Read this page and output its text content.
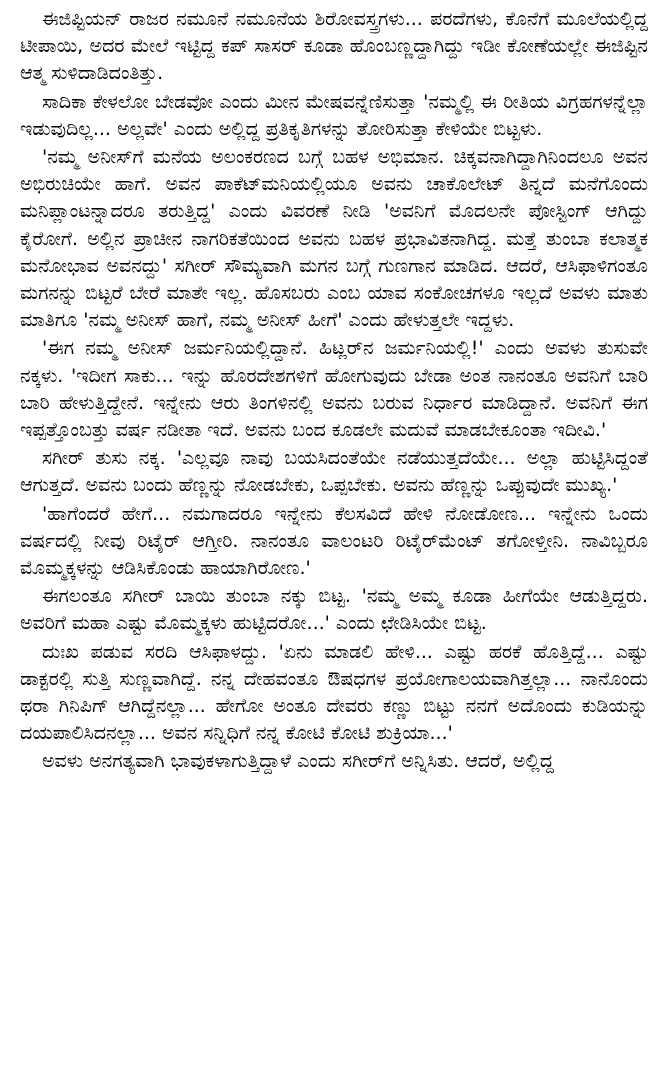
ಈಜಿಪ್ಟಿಯನ್ ರಾಜರ ನಮೂನೆ ನಮೂನೆಯ ಶಿರೋವಸ್ತ್ರಗಳು... ಪರದೆಗಳು, ಕೊನೆಗೆ ಮೂಲೆಯಲ್ಲಿದ್ದ ಟೀಪಾಯಿ, ಅದರ ಮೇಲೆ ಇಟ್ಟಿದ್ದ ಕಪ್ ಸಾಸರ್ ಕೂಡಾ ಹೊಂಬಣ್ಣದ್ದಾಗಿದ್ದು ಇಡೀ ಕೋಣೆಯಲ್ಲೇ ಈಜಿಪ್ಟಿನ ಆತ್ಮ ಸುಳಿದಾಡಿದಂತಿತ್ತು.

ಸಾದಿಕಾ ಕೇಳಲೋ ಬೇಡವೋ ಎಂದು ಮೀನ ಮೇಷವನ್ನೆಣಿಸುತ್ತಾ 'ನಮ್ಮಲ್ಲಿ ಈ ರೀತಿಯ ವಿಗ್ರಹಗಳನ್ನೆಲ್ಲಾ ಇಡುವುದಿಲ್ಲ... ಅಲ್ಲವೇ' ಎಂದು ಅಲ್ಲಿದ್ದ ಪ್ರತಿಕೃತಿಗಳನ್ನು ತೋರಿಸುತ್ತಾ ಕೇಳಿಯೇ ಬಿಟ್ಟಳು.

'ನಮ್ಮ ಅನೀಸ್‌ಗೆ ಮನೆಯ ಅಲಂಕರಣದ ಬಗ್ಗೆ ಬಹಳ ಅಭಿಮಾನ. ಚಿಕ್ಕವನಾಗಿದ್ದಾಗಿನಿಂದಲೂ ಅವನ ಅಭಿರುಚಿಯೇ ಹಾಗೆ. ಅವನ ಪಾಕೆಟ್‌ಮನಿಯಲ್ಲಿಯೂ ಅವನು ಚಾಕೊಲೇಟ್ ತಿನ್ನದೆ ಮನೆಗೊಂದು ಮನಿಪ್ಲಾಂಟನ್ನಾದರೂ ತರುತ್ತಿದ್ದ' ಎಂದು ವಿವರಣೆ ನೀಡಿ 'ಅವನಿಗೆ ಮೊದಲನೇ ಪೋಸ್ಟಿಂಗ್ ಆಗಿದ್ದು ಕೈರೋಗೆ. ಅಲ್ಲಿನ ಪ್ರಾಚೀನ ನಾಗರಿಕತೆಯಿಂದ ಅವನು ಬಹಳ ಪ್ರಭಾವಿತನಾಗಿದ್ದ. ಮತ್ತೆ ತುಂಬಾ ಕಲಾತ್ಮಕ ಮನೋಭಾವ ಅವನದ್ದು' ಸಗೀರ್ ಸೌಮ್ಯವಾಗಿ ಮಗನ ಬಗ್ಗೆ ಗುಣಗಾನ ಮಾಡಿದ. ಆದರೆ, ಆಸಿಫಾಳಿಗಂತೂ ಮಗನನ್ನು ಬಿಟ್ಟರೆ ಬೇರೆ ಮಾತೇ ಇಲ್ಲ. ಹೊಸಬರು ಎಂಬ ಯಾವ ಸಂಕೋಚಗಳೂ ಇಲ್ಲದೆ ಅವಳು ಮಾತು ಮಾತಿಗೂ 'ನಮ್ಮ ಅನೀಸ್ ಹಾಗೆ, ನಮ್ಮ ಅನೀಸ್ ಹೀಗೆ' ಎಂದು ಹೇಳುತ್ತಲೇ ಇದ್ದಳು.

'ಈಗ ನಮ್ಮ ಅನೀಸ್ ಜರ್ಮನಿಯಲ್ಲಿದ್ದಾನೆ. ಹಿಟ್ಲರ್‌ನ ಜರ್ಮನಿಯಲ್ಲಿ!' ಎಂದು ಅವಳು ತುಸುವೇ ನಕ್ಕಳು. 'ಇದೀಗ ಸಾಕು... ಇನ್ನು ಹೊರದೇಶಗಳಿಗೆ ಹೋಗುವುದು ಬೇಡಾ ಅಂತ ನಾನಂತೂ ಅವನಿಗೆ ಬಾರಿ ಬಾರಿ ಹೇಳುತ್ತಿದ್ದೇನೆ. ಇನ್ನೇನು ಆರು ತಿಂಗಳಿನಲ್ಲಿ ಅವನು ಬರುವ ನಿರ್ಧಾರ ಮಾಡಿದ್ದಾನೆ. ಅವನಿಗೆ ಈಗ ಇಪ್ಪತ್ತೊಂಬತ್ತು ವರ್ಷ ನಡೀತಾ ಇದೆ. ಅವನು ಬಂದ ಕೂಡಲೇ ಮದುವೆ ಮಾಡಬೇಕೂಂತಾ ಇದೀವಿ.'

ಸಗೀರ್ ತುಸು ನಕ್ಕ. 'ಎಲ್ಲವೂ ನಾವು ಬಯಸಿದಂತೆಯೇ ನಡೆಯುತ್ತದೆಯೇ... ಅಲ್ಲಾ ಹುಟ್ಟಿಸಿದ್ದಂತೆ ಆಗುತ್ತದೆ. ಅವನು ಬಂದು ಹೆಣ್ಣನ್ನು ನೋಡಬೇಕು, ಒಪ್ಪಬೇಕು. ಅವನು ಹೆಣ್ಣನ್ನು ಒಪ್ಪುವುದೇ ಮುಖ್ಯ.'

'ಹಾಗೆಂದರೆ ಹೇಗೆ... ನಮಗಾದರೂ ಇನ್ನೇನು ಕೆಲಸವಿದೆ ಹೇಳಿ ನೋಡೋಣ... ಇನ್ನೇನು ಒಂದು ವರ್ಷದಲ್ಲಿ ನೀವು ರಿಟೈರ್ ಆಗ್ತೀರಿ. ನಾನಂತೂ ವಾಲಂಟರಿ ರಿಟೈರ್‌ಮೆಂಟ್ ತಗೋಳ್ತೀನಿ. ನಾವಿಬ್ಬರೂ ಮೊಮ್ಮಕ್ಕಳನ್ನು ಆಡಿಸಿಕೊಂಡು ಹಾಯಾಗಿರೋಣ.'

ಈಗಲಂತೂ ಸಗೀರ್ ಬಾಯಿ ತುಂಬಾ ನಕ್ಕು ಬಿಟ್ಟ. 'ನಮ್ಮ ಅಮ್ಮ ಕೂಡಾ ಹೀಗೆಯೇ ಆಡುತ್ತಿದ್ದರು. ಅವರಿಗೆ ಮಹಾ ಎಷ್ಟು ಮೊಮ್ಮಕ್ಕಳು ಹುಟ್ಟಿದರೋ...' ಎಂದು ಛೇಡಿಸಿಯೇ ಬಿಟ್ಟ.

ದುಃಖ ಪಡುವ ಸರದಿ ಆಸಿಫಾಳದ್ದು. 'ಏನು ಮಾಡಲಿ ಹೇಳಿ... ಎಷ್ಟು ಹರಕೆ ಹೊತ್ತಿದ್ದೆ... ಎಷ್ಟು ಡಾಕ್ಟರಲ್ಲಿ ಸುತ್ತಿ ಸುಣ್ಣವಾಗಿದ್ದೆ. ನನ್ನ ದೇಹವಂತೂ ಔಷಧಗಳ ಪ್ರಯೋಗಾಲಯವಾಗಿತ್ತಲ್ಲಾ... ನಾನೊಂದು ಥರಾ ಗಿನಿಪಿಗ್ ಆಗಿದ್ದೆನಲ್ಲಾ... ಹೇಗೋ ಅಂತೂ ದೇವರು ಕಣ್ಣು ಬಿಟ್ಟು ನನಗೆ ಅದೊಂದು ಕುಡಿಯನ್ನು ದಯಪಾಲಿಸಿದನಲ್ಲಾ... ಅವನ ಸನ್ನಿಧಿಗೆ ನನ್ನ ಕೋಟಿ ಕೋಟಿ ಶುಕ್ರಿಯಾ...'

ಅವಳು ಅನಗತ್ಯವಾಗಿ ಭಾವುಕಳಾಗುತ್ತಿದ್ದಾಳೆ ಎಂದು ಸಗೀರ್‌ಗೆ ಅನ್ನಿಸಿತು. ಆದರೆ, ಅಲ್ಲಿದ್ದ
